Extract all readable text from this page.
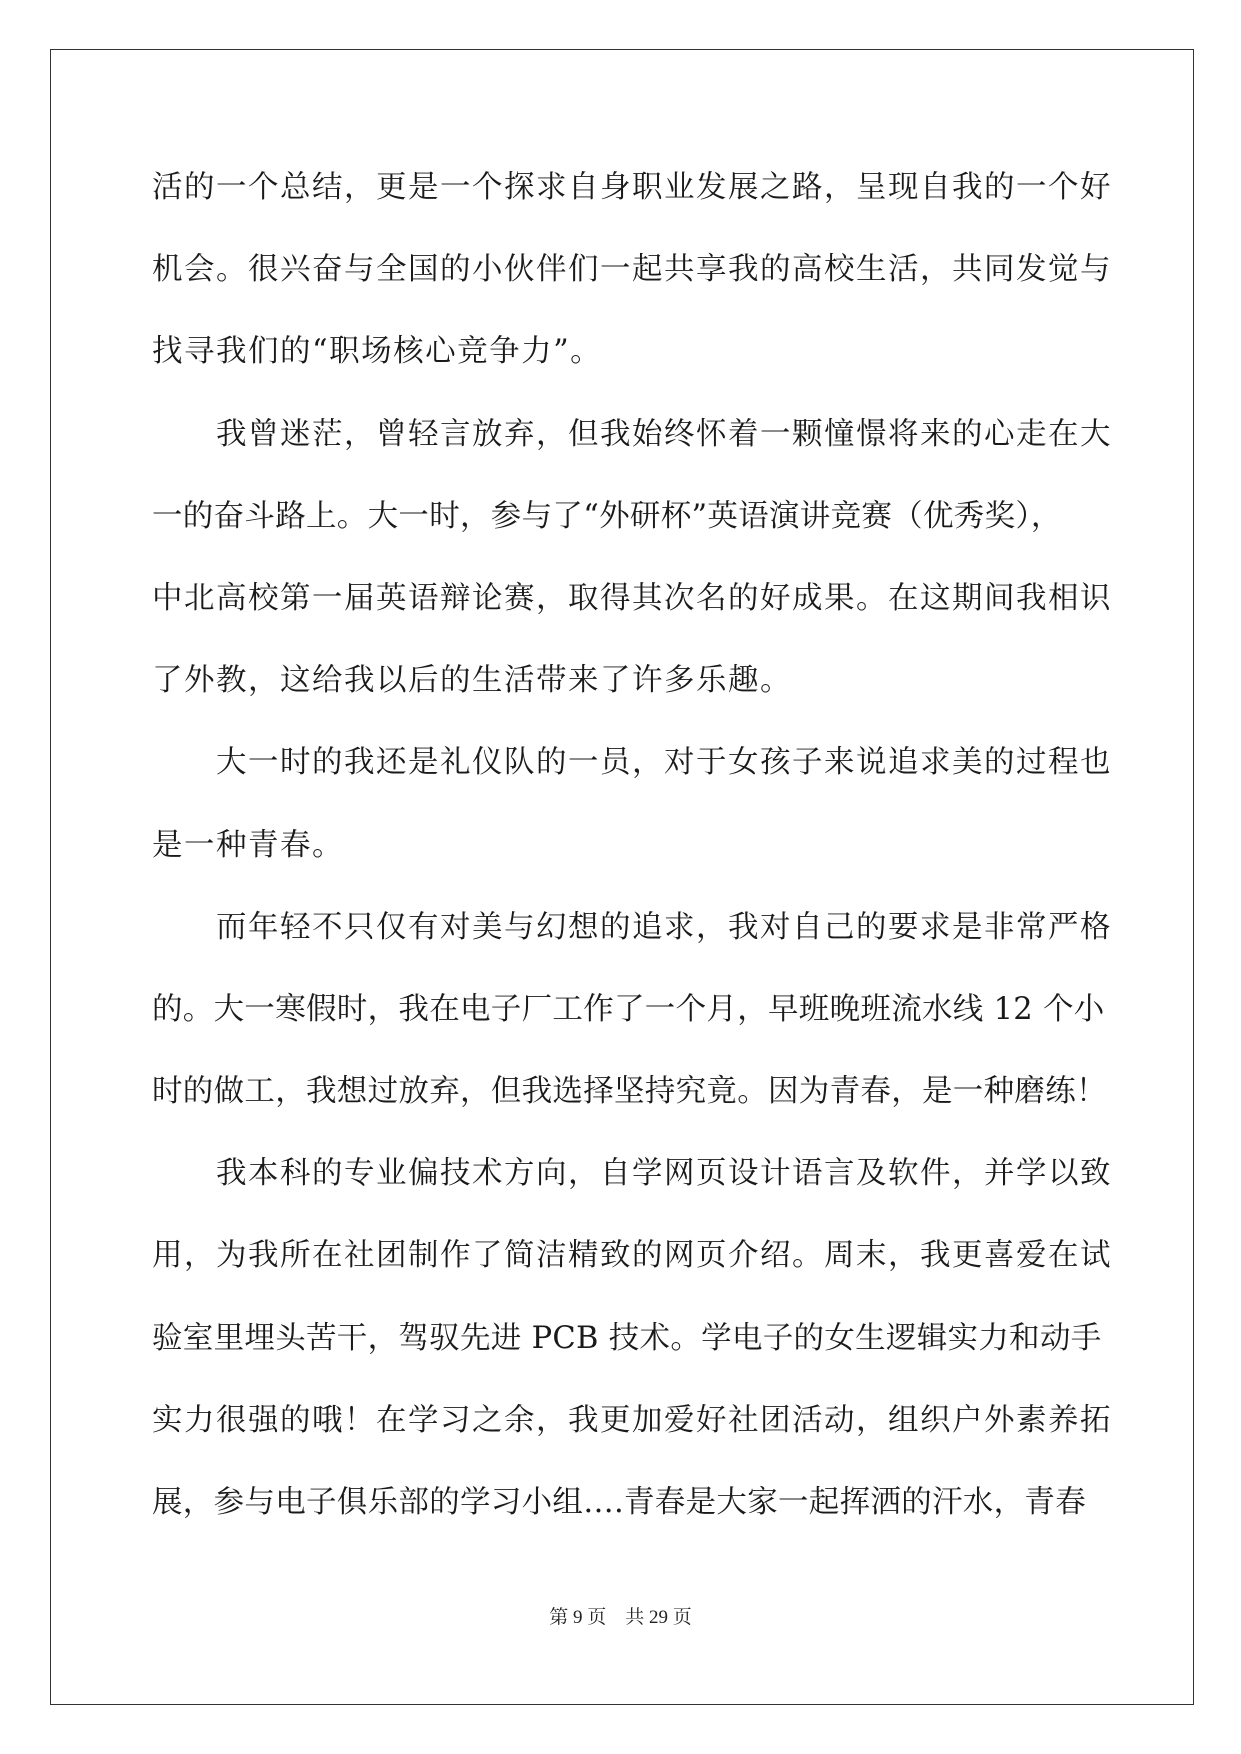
活的一个总结，更是一个探求自身职业发展之路，呈现自我的一个好
机会。很兴奋与全国的小伙伴们一起共享我的高校生活，共同发觉与
找寻我们的“职场核心竞争力”。
我曾迷茫，曾轻言放弃，但我始终怀着一颗憧憬将来的心走在大
一的奋斗路上。大一时，参与了“外研杯”英语演讲竞赛（优秀奖），
中北高校第一届英语辩论赛，取得其次名的好成果。在这期间我相识
了外教，这给我以后的生活带来了许多乐趣。
大一时的我还是礼仪队的一员，对于女孩子来说追求美的过程也
是一种青春。
而年轻不只仅有对美与幻想的追求，我对自己的要求是非常严格
的。大一寒假时，我在电子厂工作了一个月，早班晚班流水线 12 个小
时的做工，我想过放弃，但我选择坚持究竟。因为青春，是一种磨练！
我本科的专业偏技术方向，自学网页设计语言及软件，并学以致
用，为我所在社团制作了简洁精致的网页介绍。周末，我更喜爱在试
验室里埋头苦干，驾驭先进 PCB 技术。学电子的女生逻辑实力和动手
实力很强的哦！在学习之余，我更加爱好社团活动，组织户外素养拓
展，参与电子俱乐部的学习小组….青春是大家一起挥洒的汗水，青春
第 9 页 共 29 页
